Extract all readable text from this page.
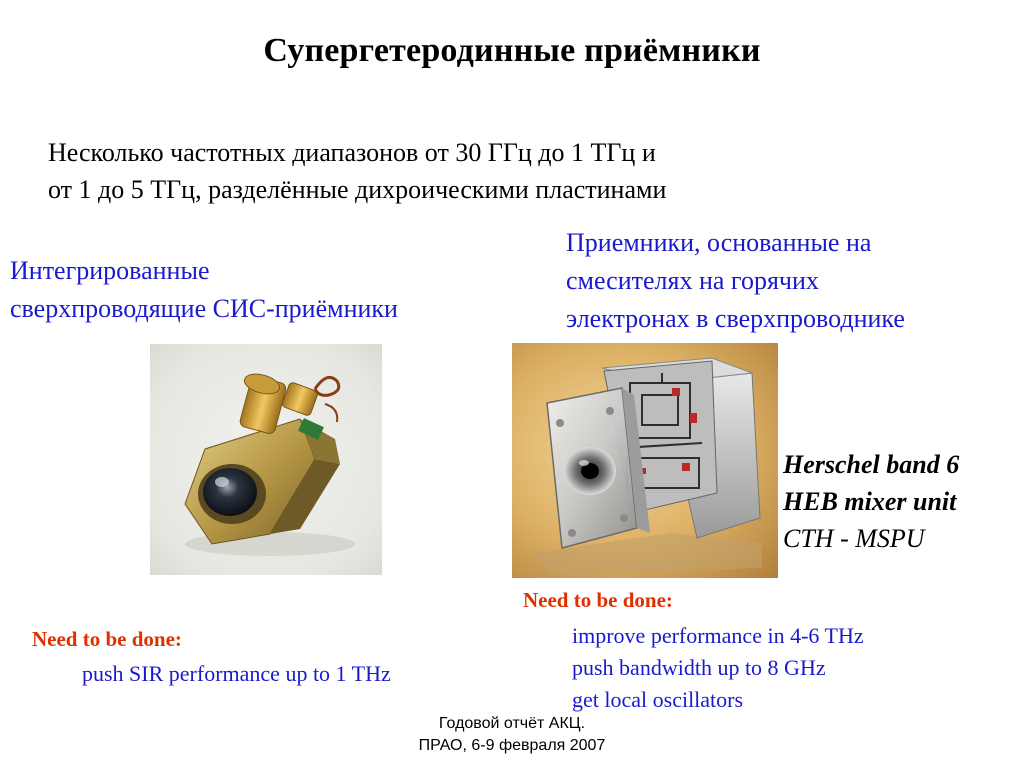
Супергетеродинные приёмники
Несколько частотных диапазонов от 30 ГГц до 1 ТГц и
от 1 до 5 ТГц, разделённые дихроическими пластинами
Интегрированные
сверхпроводящие СИС-приёмники
Приемники, основанные на
смесителях на горячих
электронах в сверхпроводнике
Herschel band 6
HEB mixer unit
CTH - MSPU
Need to be done:
improve performance in 4-6 THz
push bandwidth up to 8 GHz
get local oscillators
Need to be done:
push SIR performance up to 1 THz
Годовой отчёт АКЦ.
ПРАО, 6-9 февраля 2007
